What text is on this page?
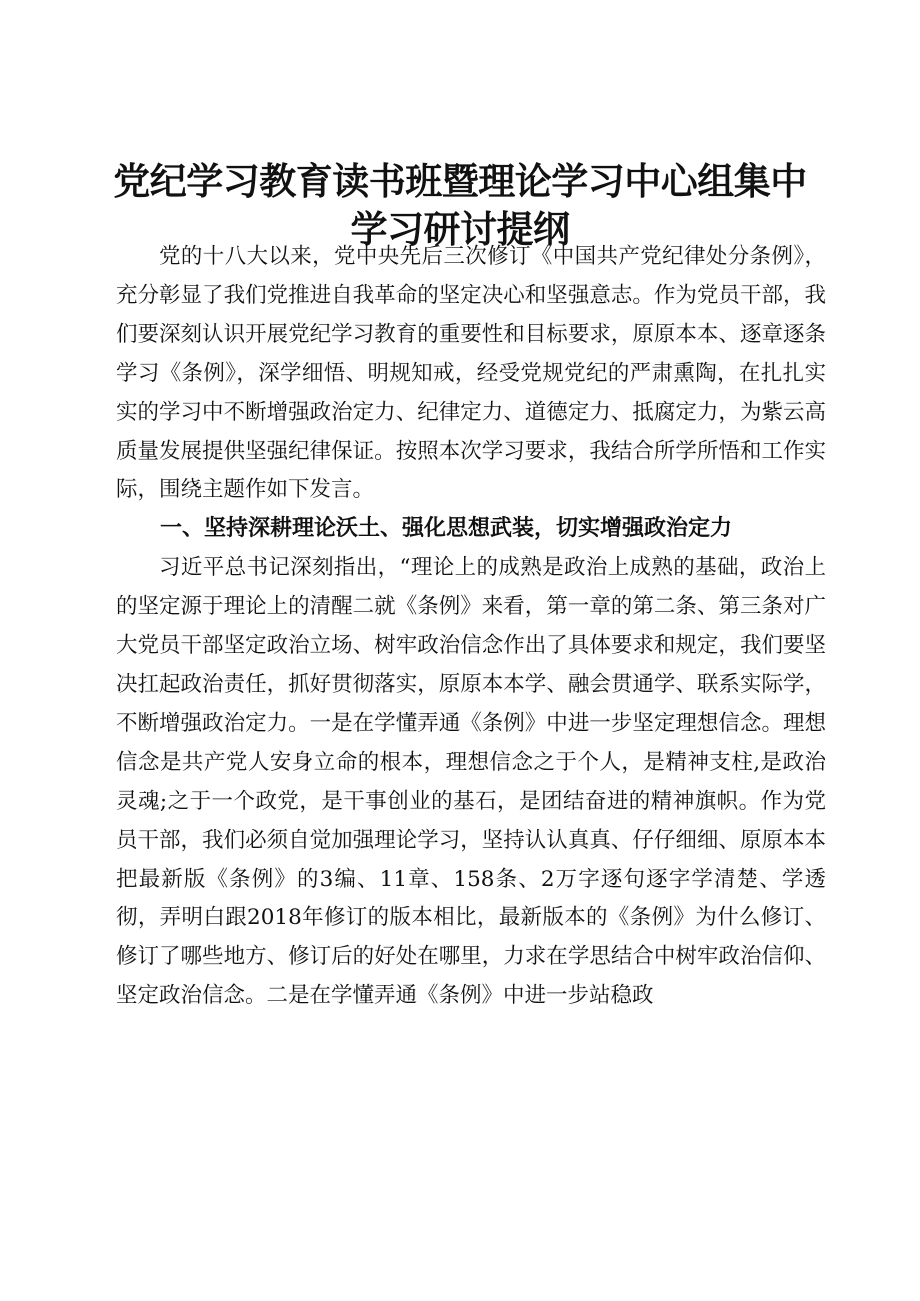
党纪学习教育读书班暨理论学习中心组集中学习研讨提纲

党的十八大以来，党中央先后三次修订《中国共产党纪律处分条例》，充分彰显了我们党推进自我革命的坚定决心和坚强意志。作为党员干部，我们要深刻认识开展党纪学习教育的重要性和目标要求，原原本本、逐章逐条学习《条例》，深学细悟、明规知戒，经受党规党纪的严肃熏陶，在扎扎实实的学习中不断增强政治定力、纪律定力、道德定力、抵腐定力，为紫云高质量发展提供坚强纪律保证。按照本次学习要求，我结合所学所悟和工作实际，围绕主题作如下发言。

一、坚持深耕理论沃土、强化思想武装，切实增强政治定力

习近平总书记深刻指出，“理论上的成熟是政治上成熟的基础，政治上的坚定源于理论上的清醒二就《条例》来看，第一章的第二条、第三条对广大党员干部坚定政治立场、树牢政治信念作出了具体要求和规定，我们要坚决扛起政治责任，抓好贯彻落实，原原本本学、融会贯通学、联系实际学，不断增强政治定力。一是在学懂弄通《条例》中进一步坚定理想信念。理想信念是共产党人安身立命的根本，理想信念之于个人，是精神支柱,是政治灵魂;之于一个政党，是干事创业的基石，是团结奋进的精神旗帜。作为党员干部，我们必须自觉加强理论学习，坚持认认真真、仔仔细细、原原本本把最新版《条例》的3编、11章、158条、2万字逐句逐字学清楚、学透彻，弄明白跟2018年修订的版本相比，最新版本的《条例》为什么修订、修订了哪些地方、修订后的好处在哪里，力求在学思结合中树牢政治信仰、坚定政治信念。二是在学懂弄通《条例》中进一步站稳政
